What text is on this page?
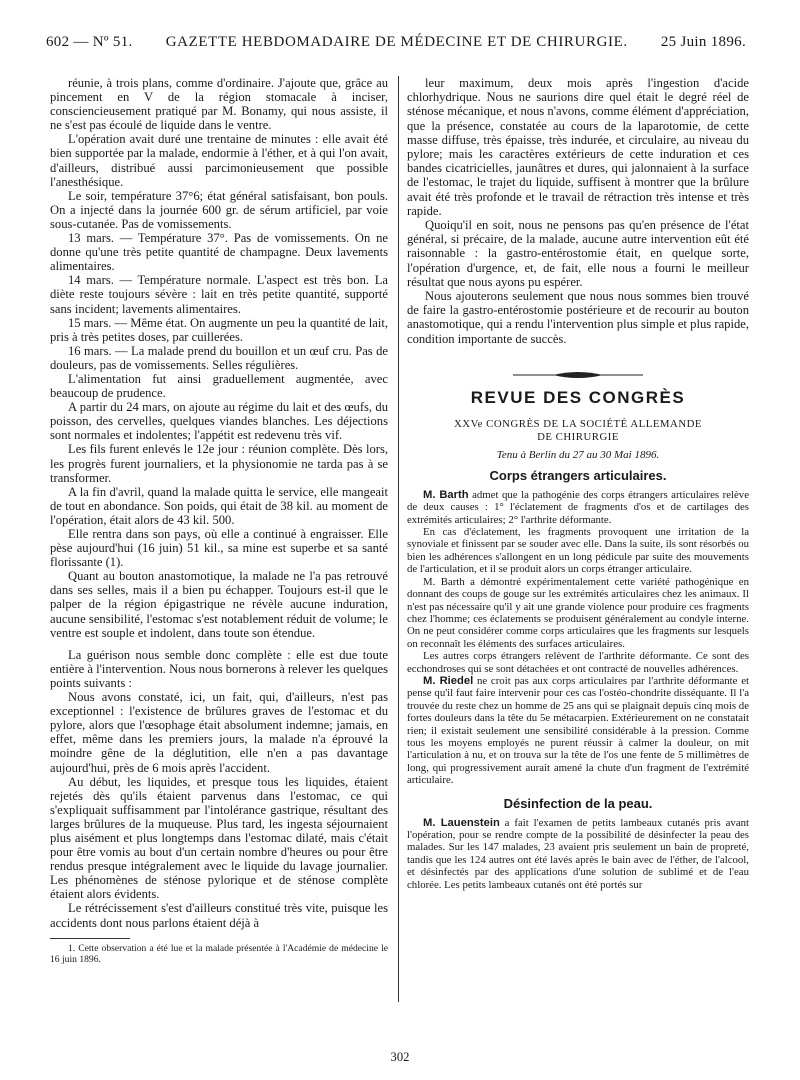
602 — Nº 51. GAZETTE HEBDOMADAIRE DE MÉDECINE ET DE CHIRURGIE. 25 Juin 1896.

réunie, à trois plans, comme d'ordinaire. J'ajoute que, grâce au pincement en V de la région stomacale à inciser, consciencieusement pratiqué par M. Bonamy, qui nous assiste, il ne s'est pas écoulé de liquide dans le ventre.

L'opération avait duré une trentaine de minutes : elle avait été bien supportée par la malade, endormie à l'éther, et à qui l'on avait, d'ailleurs, distribué aussi parcimonieusement que possible l'anesthésique.

Le soir, température 37°6; état général satisfaisant, bon pouls. On a injecté dans la journée 600 gr. de sérum artificiel, par voie sous-cutanée. Pas de vomissements.

13 mars. — Température 37°. Pas de vomissements. On ne donne qu'une très petite quantité de champagne. Deux lavements alimentaires.

14 mars. — Température normale. L'aspect est très bon. La diète reste toujours sévère : lait en très petite quantité, supporté sans incident; lavements alimentaires.

15 mars. — Même état. On augmente un peu la quantité de lait, pris à très petites doses, par cuillerées.

16 mars. — La malade prend du bouillon et un œuf cru. Pas de douleurs, pas de vomissements. Selles régulières.

L'alimentation fut ainsi graduellement augmentée, avec beaucoup de prudence.

A partir du 24 mars, on ajoute au régime du lait et des œufs, du poisson, des cervelles, quelques viandes blanches. Les déjections sont normales et indolentes; l'appétit est redevenu très vif.

Les fils furent enlevés le 12e jour : réunion complète. Dès lors, les progrès furent journaliers, et la physionomie ne tarda pas à se transformer.

A la fin d'avril, quand la malade quitta le service, elle mangeait de tout en abondance. Son poids, qui était de 38 kil. au moment de l'opération, était alors de 43 kil. 500.

Elle rentra dans son pays, où elle a continué à engraisser. Elle pèse aujourd'hui (16 juin) 51 kil., sa mine est superbe et sa santé florissante (1).

Quant au bouton anastomotique, la malade ne l'a pas retrouvé dans ses selles, mais il a bien pu échapper. Toujours est-il que le palper de la région épigastrique ne révèle aucune induration, aucune sensibilité, l'estomac s'est notablement réduit de volume; le ventre est souple et indolent, dans toute son étendue.

La guérison nous semble donc complète : elle est due toute entière à l'intervention. Nous nous bornerons à relever les quelques points suivants :

Nous avons constaté, ici, un fait, qui, d'ailleurs, n'est pas exceptionnel : l'existence de brûlures graves de l'estomac et du pylore, alors que l'œsophage était absolument indemne; jamais, en effet, même dans les premiers jours, la malade n'a éprouvé la moindre gêne de la déglutition, elle n'en a pas davantage aujourd'hui, près de 6 mois après l'accident.

Au début, les liquides, et presque tous les liquides, étaient rejetés dès qu'ils étaient parvenus dans l'estomac, ce qui s'expliquait suffisamment par l'intolérance gastrique, résultant des larges brûlures de la muqueuse. Plus tard, les ingesta séjournaient plus aisément et plus longtemps dans l'estomac dilaté, mais c'était pour être vomis au bout d'un certain nombre d'heures ou pour être rendus presque intégralement avec le liquide du lavage journalier. Les phénomènes de sténose pylorique et de sténose complète étaient alors évidents.

Le rétrécissement s'est d'ailleurs constitué très vite, puisque les accidents dont nous parlons étaient déjà à

1. Cette observation a été lue et la malade présentée à l'Académie de médecine le 16 juin 1896.

leur maximum, deux mois après l'ingestion d'acide chlorhydrique. Nous ne saurions dire quel était le degré réel de sténose mécanique, et nous n'avons, comme élément d'appréciation, que la présence, constatée au cours de la laparotomie, de cette masse diffuse, très épaisse, très indurée, et circulaire, au niveau du pylore; mais les caractères extérieurs de cette induration et ces bandes cicatricielles, jaunâtres et dures, qui jalonnaient à la surface de l'estomac, le trajet du liquide, suffisent à montrer que la brûlure avait été très profonde et le travail de rétraction très intense et très rapide.

Quoiqu'il en soit, nous ne pensons pas qu'en présence de l'état général, si précaire, de la malade, aucune autre intervention eût été raisonnable : la gastro-entérostomie était, en quelque sorte, l'opération d'urgence, et, de fait, elle nous a fourni le meilleur résultat que nous ayons pu espérer.

Nous ajouterons seulement que nous nous sommes bien trouvé de faire la gastro-entérostomie postérieure et de recourir au bouton anastomotique, qui a rendu l'intervention plus simple et plus rapide, condition importante de succès.

REVUE DES CONGRÈS
XXVe CONGRÈS DE LA SOCIÉTÉ ALLEMANDE
DE CHIRURGIE
Tenu à Berlin du 27 au 30 Mai 1896.
Corps étrangers articulaires.

M. Barth admet que la pathogénie des corps étrangers articulaires relève de deux causes : 1° l'éclatement de fragments d'os et de cartilages des extrémités articulaires; 2° l'arthrite déformante.

En cas d'éclatement, les fragments provoquent une irritation de la synoviale et finissent par se souder avec elle. Dans la suite, ils sont résorbés ou bien les adhérences s'allongent en un long pédicule par suite des mouvements de l'articulation, et il se produit alors un corps étranger articulaire.

M. Barth a démontré expérimentalement cette variété pathogénique en donnant des coups de gouge sur les extrémités articulaires chez les animaux. Il n'est pas nécessaire qu'il y ait une grande violence pour produire ces fragments chez l'homme; ces éclatements se produisent généralement au condyle interne. On ne peut considérer comme corps articulaires que les fragments sur lesquels on reconnaît les éléments des surfaces articulaires.

Les autres corps étrangers relèvent de l'arthrite déformante. Ce sont des ecchondroses qui se sont détachées et ont contracté de nouvelles adhérences.

M. Riedel ne croit pas aux corps articulaires par l'arthrite déformante et pense qu'il faut faire intervenir pour ces cas l'ostéo-chondrite disséquante. Il l'a trouvée du reste chez un homme de 25 ans qui se plaignait depuis cinq mois de fortes douleurs dans la tête du 5e métacarpien. Extérieurement on ne constatait rien; il existait seulement une sensibilité considérable à la pression. Comme tous les moyens employés ne purent réussir à calmer la douleur, on mit l'articulation à nu, et on trouva sur la tête de l'os une fente de 5 millimètres de long, qui progressivement aurait amené la chute d'un fragment de l'extrémité articulaire.

Désinfection de la peau.

M. Lauenstein a fait l'examen de petits lambeaux cutanés pris avant l'opération, pour se rendre compte de la possibilité de désinfecter la peau des malades. Sur les 147 malades, 23 avaient pris seulement un bain de propreté, tandis que les 124 autres ont été lavés après le bain avec de l'éther, de l'alcool, et désinfectés par des applications d'une solution de sublimé et de l'eau chlorée. Les petits lambeaux cutanés ont été portés sur

302
